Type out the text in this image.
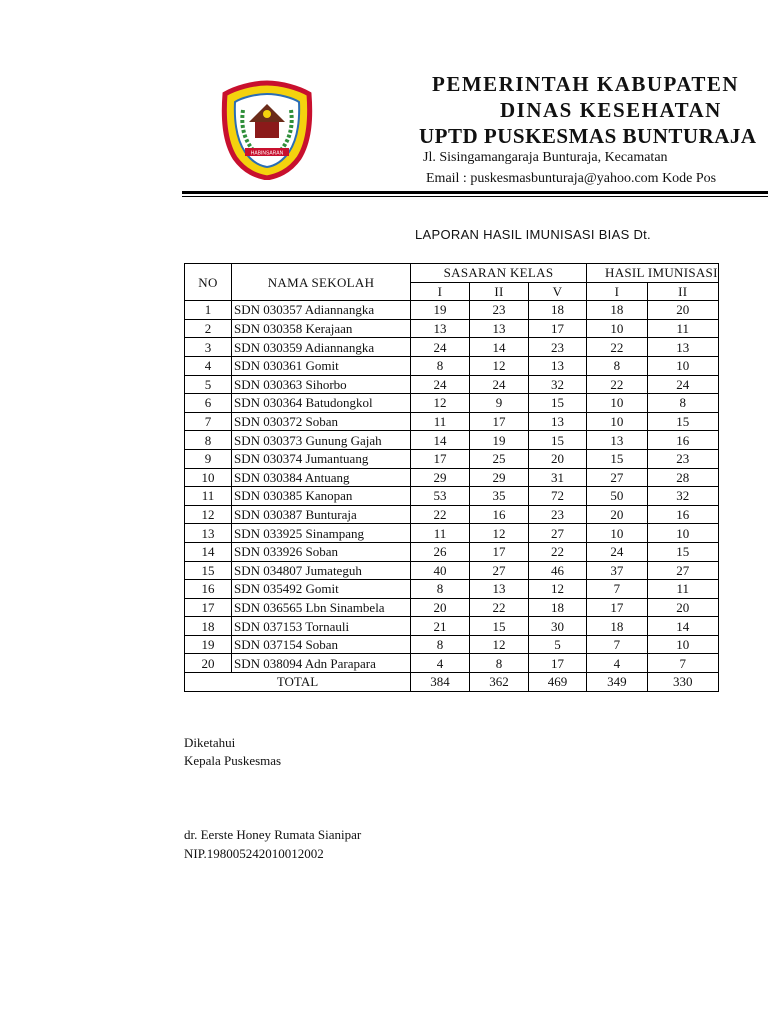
HABINSARAN
PEMERINTAH KABUPATEN
DINAS KESEHATAN
UPTD PUSKESMAS BUNTURAJA
Jl. Sisingamangaraja Bunturaja, Kecamatan
Email : puskesmasbunturaja@yahoo.com Kode Pos
LAPORAN HASIL IMUNISASI BIAS Dt.
NO	NAMA SEKOLAH	SASARAN KELAS			HASIL IMUNISASI	
		I	II	V	I	II
1	SDN 030357 Adiannangka	19	23	18	18	20
2	SDN 030358 Kerajaan	13	13	17	10	11
3	SDN 030359 Adiannangka	24	14	23	22	13
4	SDN 030361 Gomit	8	12	13	8	10
5	SDN 030363 Sihorbo	24	24	32	22	24
6	SDN 030364 Batudongkol	12	9	15	10	8
7	SDN 030372 Soban	11	17	13	10	15
8	SDN 030373 Gunung Gajah	14	19	15	13	16
9	SDN 030374 Jumantuang	17	25	20	15	23
10	SDN 030384 Antuang	29	29	31	27	28
11	SDN 030385 Kanopan	53	35	72	50	32
12	SDN 030387 Bunturaja	22	16	23	20	16
13	SDN 033925 Sinampang	11	12	27	10	10
14	SDN 033926 Soban	26	17	22	24	15
15	SDN 034807 Jumateguh	40	27	46	37	27
16	SDN 035492 Gomit	8	13	12	7	11
17	SDN 036565 Lbn Sinambela	20	22	18	17	20
18	SDN 037153 Tornauli	21	15	30	18	14
19	SDN 037154 Soban	8	12	5	7	10
20	SDN 038094 Adn Parapara	4	8	17	4	7
TOTAL		384	362	469	349	330
Diketahui
Kepala Puskesmas
dr. Eerste Honey Rumata Sianipar
NIP.198005242010012002
